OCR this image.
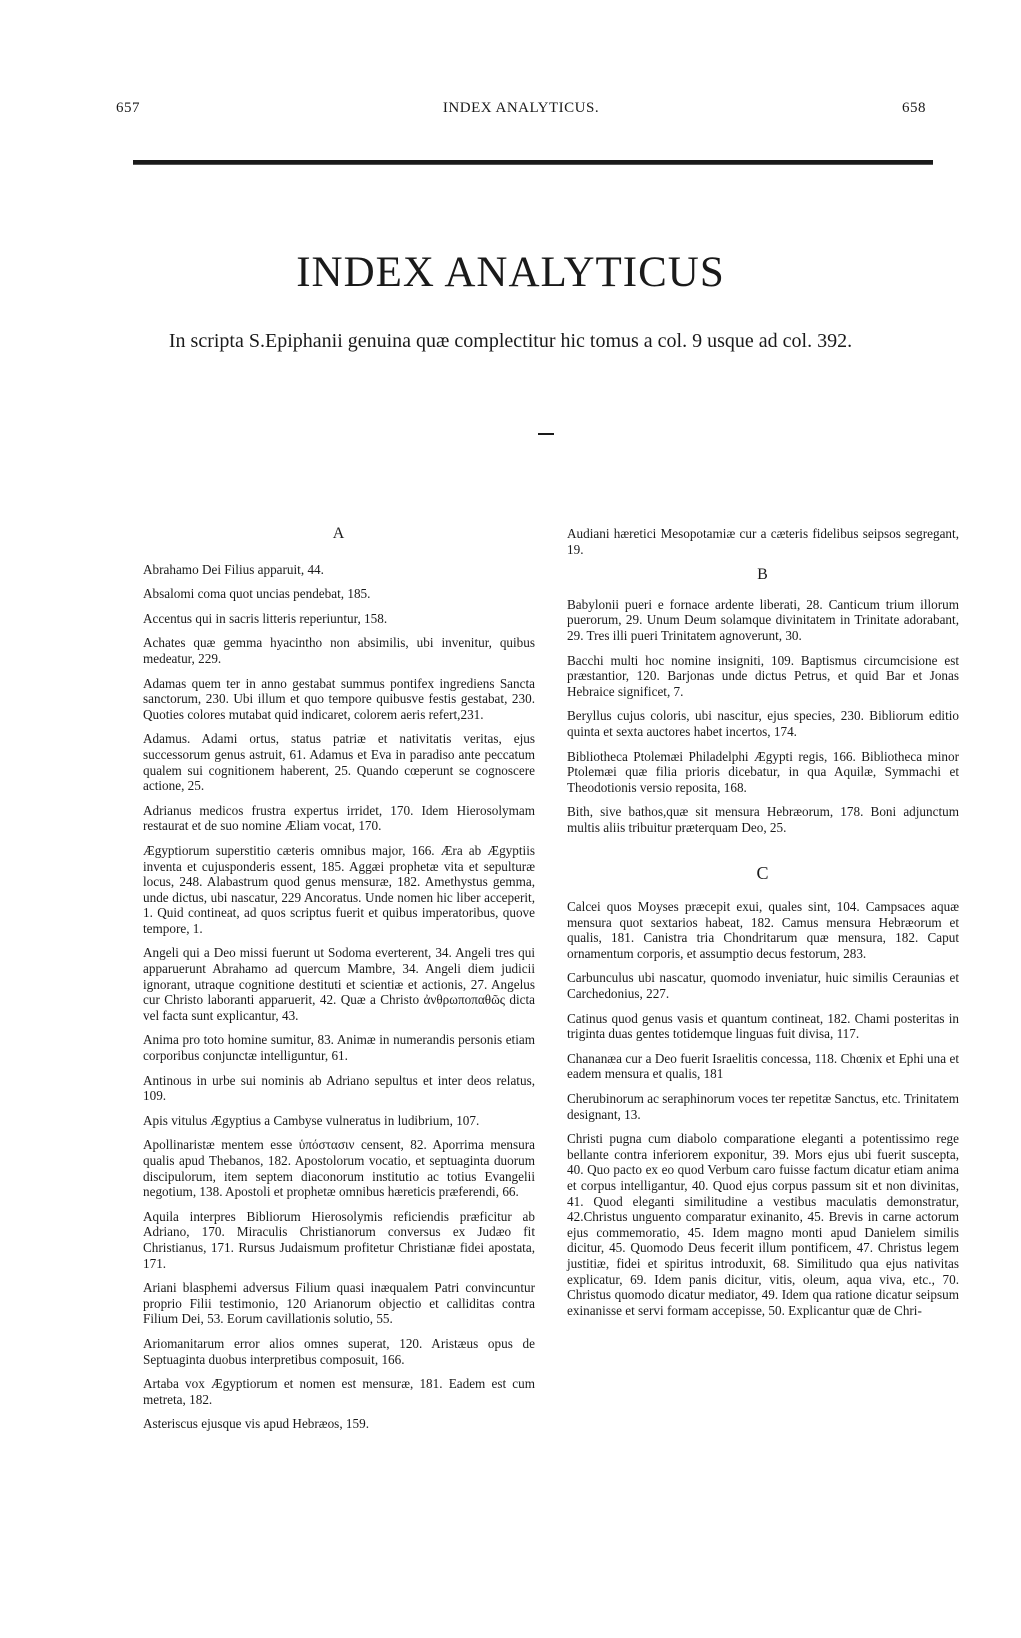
657	INDEX ANALYTICUS.	658
INDEX ANALYTICUS
In scripta S.Epiphanii genuina quæ complectitur hic tomus a col. 9 usque ad col. 392.
A

Abrahamo Dei Filius apparuit, 44.

Absalomi coma quot uncias pendebat, 185.

Accentus qui in sacris litteris reperiuntur, 158.

Achates quæ gemma hyacintho non absimilis, ubi invenitur, quibus medeatur, 229.

Adamas quem ter in anno gestabat summus pontifex ingrediens Sancta sanctorum, 230. Ubi illum et quo tempore quibusve festis gestabat, 230. Quoties colores mutabat quid indicaret, colorem aeris refert,231.

Adamus. Adami ortus, status patriæ et nativitatis veritas, ejus successorum genus astruit, 61. Adamus et Eva in paradiso ante peccatum qualem sui cognitionem haberent, 25. Quando cœperunt se cognoscere actione, 25.

Adrianus medicos frustra expertus irridet, 170. Idem Hierosolymam restaurat et de suo nomine Æliam vocat, 170.

Ægyptiorum superstitio cæteris omnibus major, 166. Æra ab Ægyptiis inventa et cujusponderis essent, 185. Aggæi prophetæ vita et sepulturæ locus, 248. Alabastrum quod genus mensuræ, 182. Amethystus gemma, unde dictus, ubi nascatur, 229 Ancoratus. Unde nomen hic liber acceperit, 1. Quid contineat, ad quos scriptus fuerit et quibus imperatoribus, quove tempore, 1.

Angeli qui a Deo missi fuerunt ut Sodoma everterent, 34. Angeli tres qui apparuerunt Abrahamo ad quercum Mambre, 34. Angeli diem judicii ignorant, utraque cognitione destituti et scientiæ et actionis, 27. Angelus cur Christo laboranti apparuerit, 42. Quæ a Christo ἀνθρωποπαθῶς dicta vel facta sunt explicantur, 43.

Anima pro toto homine sumitur, 83. Animæ in numerandis personis etiam corporibus conjunctæ intelliguntur, 61.

Antinous in urbe sui nominis ab Adriano sepultus et inter deos relatus, 109.

Apis vitulus Ægyptius a Cambyse vulneratus in ludibrium, 107.

Apollinaristæ mentem esse ὑπόστασιν censent, 82. Aporrima mensura qualis apud Thebanos, 182. Apostolorum vocatio, et septuaginta duorum discipulorum, item septem diaconorum institutio ac totius Evangelii negotium, 138. Apostoli et prophetæ omnibus hæreticis præferendi, 66.

Aquila interpres Bibliorum Hierosolymis reficiendis præficitur ab Adriano, 170. Miraculis Christianorum conversus ex Judæo fit Christianus, 171. Rursus Judaismum profitetur Christianæ fidei apostata, 171.

Ariani blasphemi adversus Filium quasi inæqualem Patri convincuntur proprio Filii testimonio, 120 Arianorum objectio et calliditas contra Filium Dei, 53. Eorum cavillationis solutio, 55.

Ariomanitarum error alios omnes superat, 120. Aristæus opus de Septuaginta duobus interpretibus composuit, 166.

Artaba vox Ægyptiorum et nomen est mensuræ, 181. Eadem est cum metreta, 182.

Asteriscus ejusque vis apud Hebræos, 159.

Audiani hæretici Mesopotamiæ cur a cæteris fidelibus seipsos segregant, 19.

B

Babylonii pueri e fornace ardente liberati, 28. Canticum trium illorum puerorum, 29. Unum Deum solamque divinitatem in Trinitate adorabant, 29. Tres illi pueri Trinitatem agnoverunt, 30.

Bacchi multi hoc nomine insigniti, 109. Baptismus circumcisione est præstantior, 120. Barjonas unde dictus Petrus, et quid Bar et Jonas Hebraice significet, 7.

Beryllus cujus coloris, ubi nascitur, ejus species, 230. Bibliorum editio quinta et sexta auctores habet incertos, 174.

Bibliotheca Ptolemæi Philadelphi Ægypti regis, 166. Bibliotheca minor Ptolemæi quæ filia prioris dicebatur, in qua Aquilæ, Symmachi et Theodotionis versio reposita, 168.

Bith, sive bathos,quæ sit mensura Hebræorum, 178. Boni adjunctum multis aliis tribuitur præterquam Deo, 25.

C

Calcei quos Moyses præcepit exui, quales sint, 104. Campsaces aquæ mensura quot sextarios habeat, 182. Camus mensura Hebræorum et qualis, 181. Canistra tria Chondritarum quæ mensura, 182. Caput ornamentum corporis, et assumptio decus festorum, 283.

Carbunculus ubi nascatur, quomodo inveniatur, huic similis Ceraunias et Carchedonius, 227.

Catinus quod genus vasis et quantum contineat, 182. Chami posteritas in triginta duas gentes totidemque linguas fuit divisa, 117.

Chananæa cur a Deo fuerit Israelitis concessa, 118. Chœnix et Ephi una et eadem mensura et qualis, 181

Cherubinorum ac seraphinorum voces ter repetitæ Sanctus, etc. Trinitatem designant, 13.

Christi pugna cum diabolo comparatione eleganti a potentissimo rege bellante contra inferiorem exponitur, 39. Mors ejus ubi fuerit suscepta, 40. Quo pacto ex eo quod Verbum caro fuisse factum dicatur etiam anima et corpus intelligantur, 40. Quod ejus corpus passum sit et non divinitas, 41. Quod eleganti similitudine a vestibus maculatis demonstratur, 42.Christus unguento comparatur exinanito, 45. Brevis in carne actorum ejus commemoratio, 45. Idem magno monti apud Danielem similis dicitur, 45. Quomodo Deus fecerit illum pontificem, 47. Christus legem justitiæ, fidei et spiritus introduxit, 68. Similitudo qua ejus nativitas explicatur, 69. Idem panis dicitur, vitis, oleum, aqua viva, etc., 70. Christus quomodo dicatur mediator, 49. Idem qua ratione dicatur seipsum exinanisse et servi formam accepisse, 50. Explicantur quæ de Chri-
